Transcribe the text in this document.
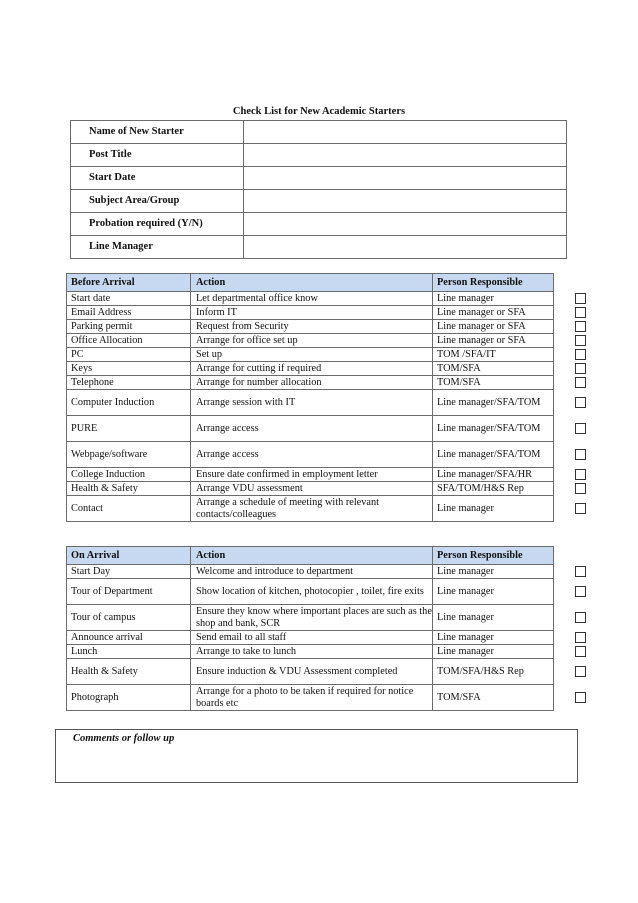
Check List for New Academic Starters
Name of New Starter	
Post Title	
Start Date	
Subject Area/Group	
Probation required (Y/N)	
Line Manager	
Before Arrival	Action	Person Responsible
Start date	Let departmental office know	Line manager
Email Address	Inform IT	Line manager or SFA
Parking permit	Request from Security	Line manager or SFA
Office Allocation	Arrange for office set up	Line manager or SFA
PC	Set up	TOM /SFA/IT
Keys	Arrange for cutting if required	TOM/SFA
Telephone	Arrange for number allocation	TOM/SFA
Computer Induction	Arrange session with IT	Line manager/SFA/TOM
PURE	Arrange access	Line manager/SFA/TOM
Webpage/software	Arrange access	Line manager/SFA/TOM
College Induction	Ensure date confirmed in employment letter	Line manager/SFA/HR
Health & Safety	Arrange VDU assessment	SFA/TOM/H&S Rep
Contact	Arrange a schedule of meeting with relevant contacts/colleagues	Line manager
On Arrival	Action	Person Responsible
Start Day	Welcome and introduce to department	Line manager
Tour of Department	Show location of kitchen, photocopier , toilet, fire exits	Line manager
Tour of campus	Ensure they know where important places are such as the shop and bank, SCR	Line manager
Announce arrival	Send email to all staff	Line manager
Lunch	Arrange to take to lunch	Line manager
Health & Safety	Ensure induction & VDU Assessment completed	TOM/SFA/H&S Rep
Photograph	Arrange for a photo to be taken if required for notice boards etc	TOM/SFA
Comments or follow up
